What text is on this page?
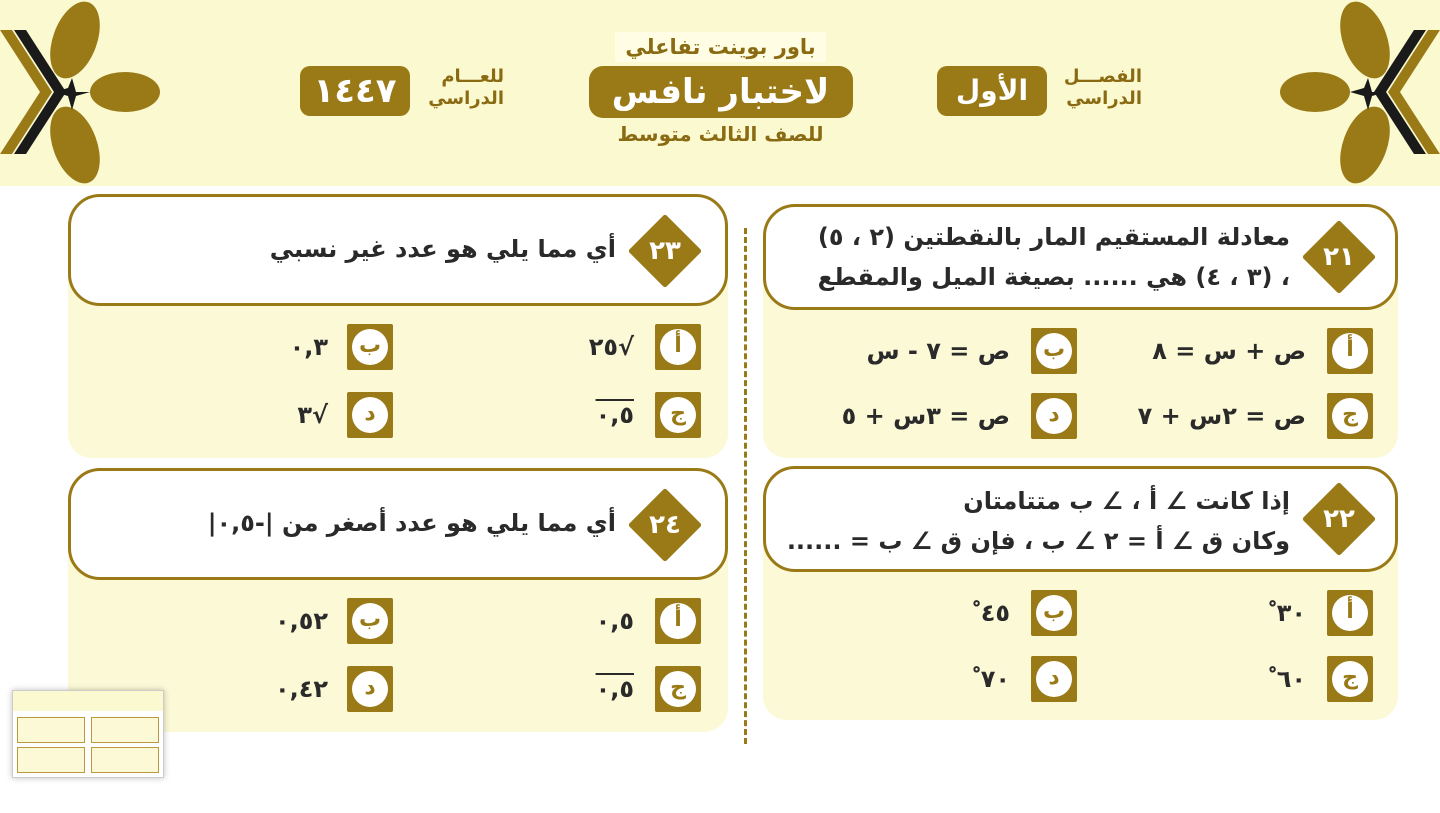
باور بوينت تفاعلي
لاختبار نافس
للصف الثالث متوسط
الفصـــل
الدراسي
الأول
للعـــام
الدراسي
١٤٤٧
٢١
معادلة المستقيم المار بالنقطتين (٢ ، ٥)
، (٣ ، ٤) هي ...... بصيغة الميل والمقطع
أ
ص + س = ٨
ب
ص = ٧ - س
ج
ص = ٢س + ٧
د
ص = ٣س + ٥
٢٢
إذا كانت ∠ أ ، ∠ ب متتامتان
وكان ق ∠ أ = ٢ ∠ ب ، فإن ق ∠ ب = ......
أ
٣٠ ْ
ب
٤٥ ْ
ج
٦٠ ْ
د
٧٠ ْ
٢٣
أي مما يلي هو عدد غير نسبي
أ
√٢٥
ب
٠,٣
ج
٠,٥
د
√٣
٢٤
أي مما يلي هو عدد أصغر من |-٠,٥|
أ
٠,٥
ب
٠,٥٢
ج
٠,٥
د
٠,٤٢
